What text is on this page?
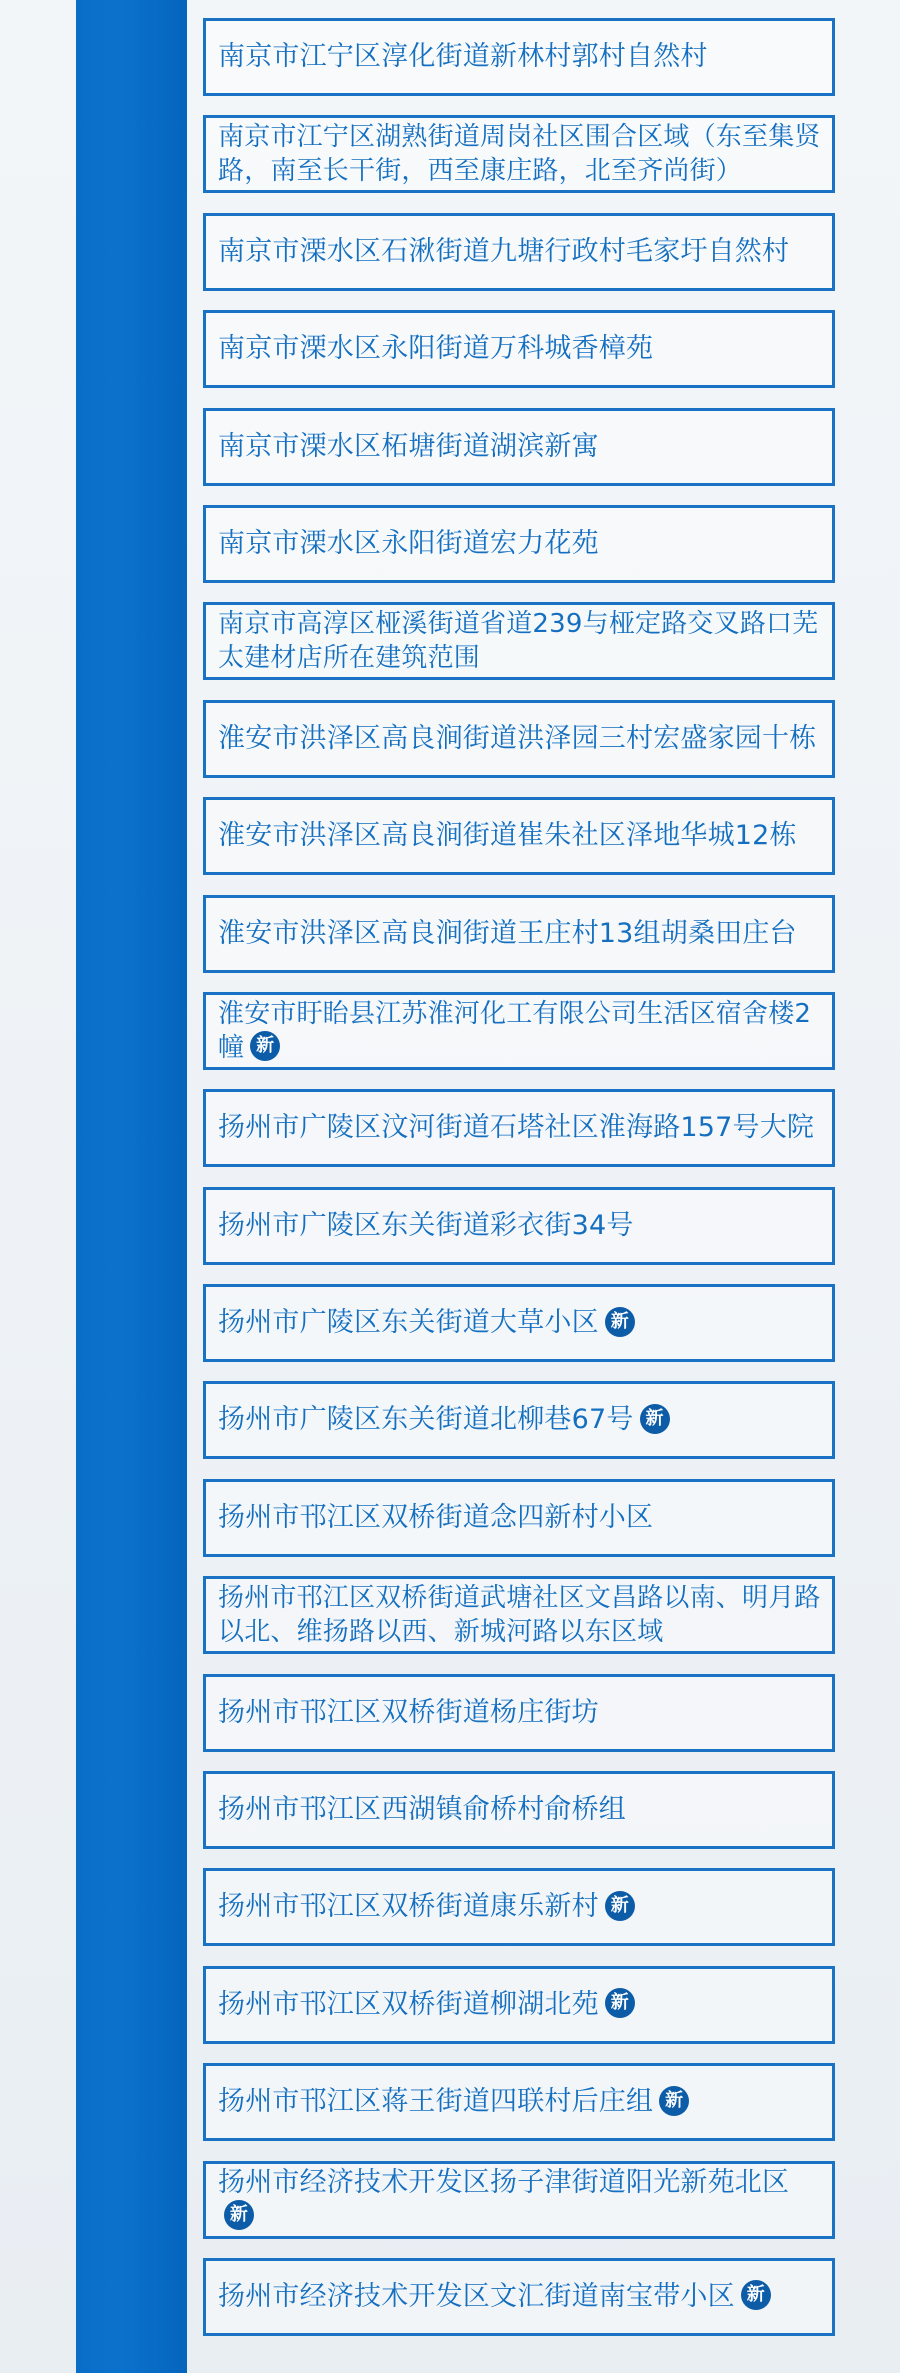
南京市江宁区淳化街道新林村郭村自然村
南京市江宁区湖熟街道周岗社区围合区域（东至集贤路，南至长干街，西至康庄路，北至齐尚街）
南京市溧水区石湫街道九塘行政村毛家圩自然村
南京市溧水区永阳街道万科城香樟苑
南京市溧水区柘塘街道湖滨新寓
南京市溧水区永阳街道宏力花苑
南京市高淳区桠溪街道省道239与桠定路交叉路口芜太建材店所在建筑范围
淮安市洪泽区高良涧街道洪泽园三村宏盛家园十栋
淮安市洪泽区高良涧街道崔朱社区泽地华城12栋
淮安市洪泽区高良涧街道王庄村13组胡桑田庄台
淮安市盱眙县江苏淮河化工有限公司生活区宿舍楼2幢 新
扬州市广陵区汶河街道石塔社区淮海路157号大院
扬州市广陵区东关街道彩衣街34号
扬州市广陵区东关街道大草小区 新
扬州市广陵区东关街道北柳巷67号 新
扬州市邗江区双桥街道念四新村小区
扬州市邗江区双桥街道武塘社区文昌路以南、明月路以北、维扬路以西、新城河路以东区域
扬州市邗江区双桥街道杨庄街坊
扬州市邗江区西湖镇俞桥村俞桥组
扬州市邗江区双桥街道康乐新村 新
扬州市邗江区双桥街道柳湖北苑 新
扬州市邗江区蒋王街道四联村后庄组 新
扬州市经济技术开发区扬子津街道阳光新苑北区新
扬州市经济技术开发区文汇街道南宝带小区 新
